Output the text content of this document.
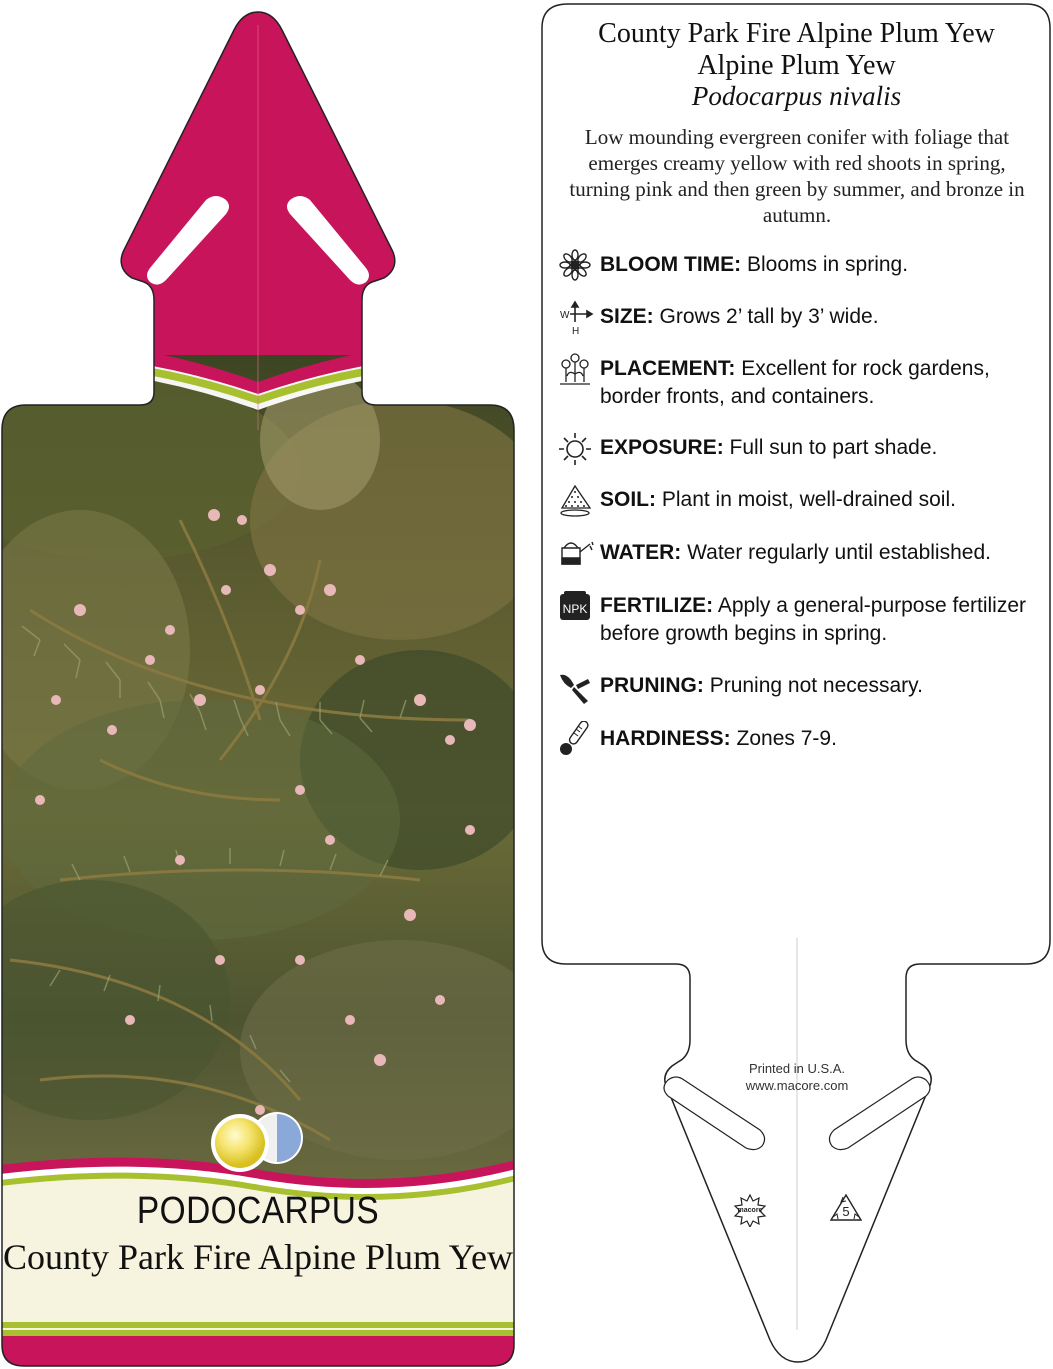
PODOCARPUS
County Park Fire Alpine Plum Yew
County Park Fire Alpine Plum Yew
Alpine Plum Yew
Podocarpus nivalis
Low mounding evergreen conifer with foliage that emerges creamy yellow with red shoots in spring, turning pink and then green by summer, and bronze in autumn.
BLOOM TIME: Blooms in spring.
W
H
SIZE: Grows 2’ tall by 3’ wide.
PLACEMENT: Excellent for rock gardens, border fronts, and containers.
EXPOSURE: Full sun to part shade.
SOIL: Plant in moist, well-drained soil.
WATER: Water regularly until established.
NPK FERTILIZE: Apply a general-purpose fertilizer before growth begins in spring.
PRUNING: Pruning not necessary.
HARDINESS: Zones 7-9.
Printed in U.S.A.
www.macore.com
macore	5
